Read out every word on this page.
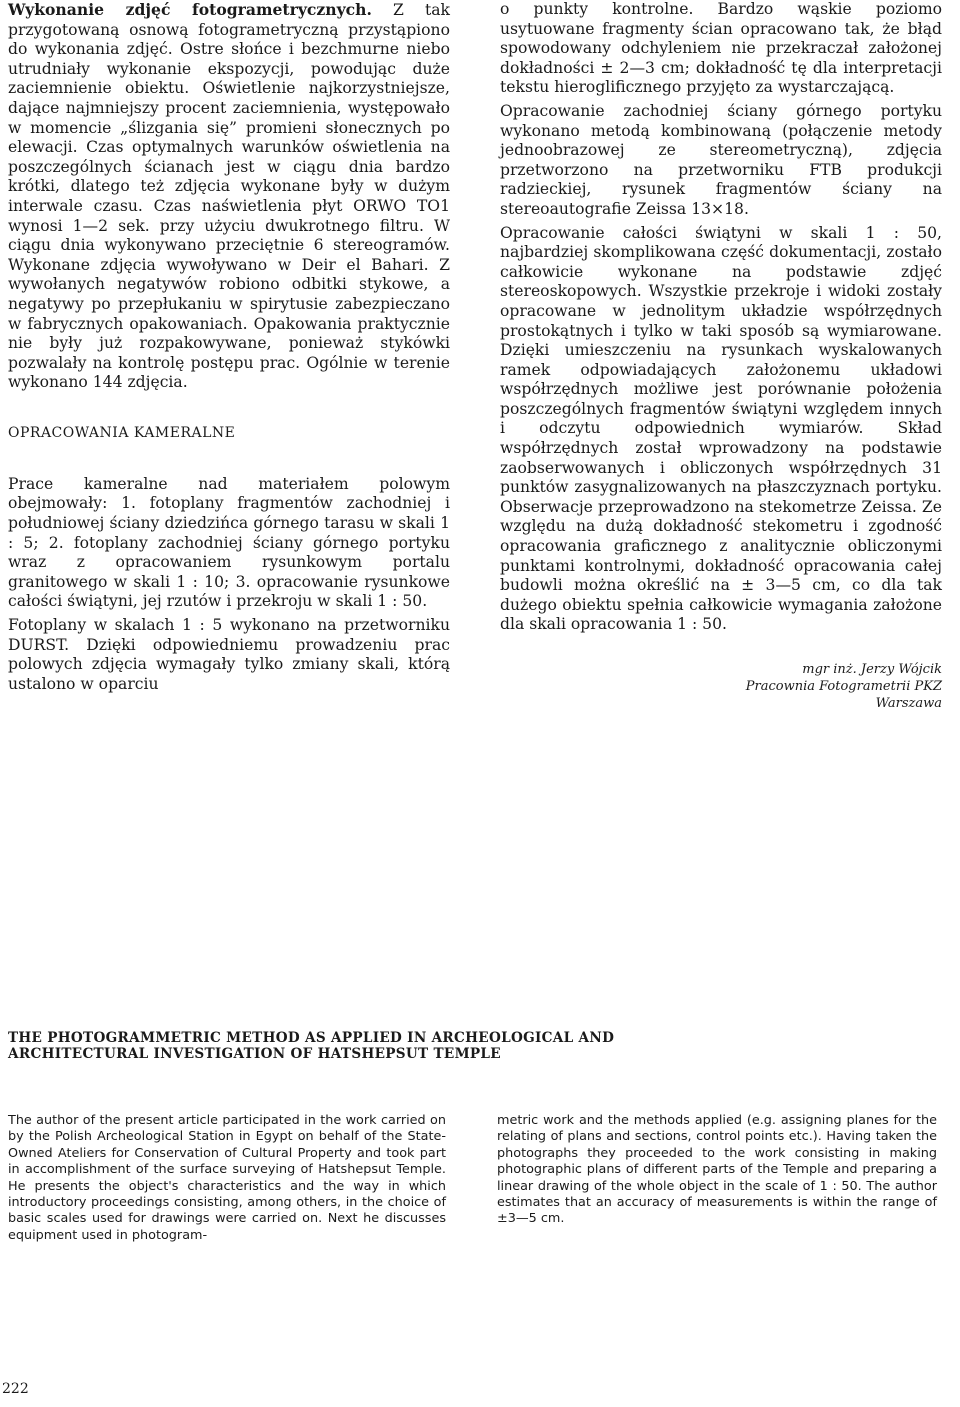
Wykonanie zdjęć fotogrametrycznych. Z tak przygotowaną osnową fotogrametryczną przystąpiono do wykonania zdjęć. Ostre słońce i bezchmurne niebo utrudniały wykonanie ekspozycji, powodując duże zaciemnienie obiektu. Oświetlenie najkorzystniejsze, dające najmniejszy procent zaciemnienia, występowało w momencie „ślizgania się” promieni słonecznych po elewacji. Czas optymalnych warunków oświetlenia na poszczególnych ścianach jest w ciągu dnia bardzo krótki, dlatego też zdjęcia wykonane były w dużym interwale czasu. Czas naświetlenia płyt ORWO TO1 wynosi 1—2 sek. przy użyciu dwukrotnego filtru. W ciągu dnia wykonywano przeciętnie 6 stereogramów. Wykonane zdjęcia wywoływano w Deir el Bahari. Z wywołanych negatywów robiono odbitki stykowe, a negatywy po przepłukaniu w spirytusie zabezpieczano w fabrycznych opakowaniach. Opakowania praktycznie nie były już rozpakowywane, ponieważ stykówki pozwalały na kontrolę postępu prac. Ogólnie w terenie wykonano 144 zdjęcia.

OPRACOWANIA KAMERALNE

Prace kameralne nad materiałem polowym obejmowały: 1. fotoplany fragmentów zachodniej i południowej ściany dziedzińca górnego tarasu w skali 1 : 5; 2. fotoplany zachodniej ściany górnego portyku wraz z opracowaniem rysunkowym portalu granitowego w skali 1 : 10; 3. opracowanie rysunkowe całości świątyni, jej rzutów i przekroju w skali 1 : 50.

Fotoplany w skalach 1 : 5 wykonano na przetworniku DURST. Dzięki odpowiedniemu prowadzeniu prac polowych zdjęcia wymagały tylko zmiany skali, którą ustalono w oparciu

o punkty kontrolne. Bardzo wąskie poziomo usytuowane fragmenty ścian opracowano tak, że błąd spowodowany odchyleniem nie przekraczał założonej dokładności ± 2—3 cm; dokładność tę dla interpretacji tekstu hieroglificznego przyjęto za wystarczającą.

Opracowanie zachodniej ściany górnego portyku wykonano metodą kombinowaną (połączenie metody jednoobrazowej ze stereometryczną), zdjęcia przetworzono na przetworniku FTB produkcji radzieckiej, rysunek fragmentów ściany na stereoautografie Zeissa 13×18.

Opracowanie całości świątyni w skali 1 : 50, najbardziej skomplikowana część dokumentacji, zostało całkowicie wykonane na podstawie zdjęć stereoskopowych. Wszystkie przekroje i widoki zostały opracowane w jednolitym układzie współrzędnych prostokątnych i tylko w taki sposób są wymiarowane. Dzięki umieszczeniu na rysunkach wyskalowanych ramek odpowiadających założonemu układowi współrzędnych możliwe jest porównanie położenia poszczególnych fragmentów świątyni względem innych i odczytu odpowiednich wymiarów. Skład współrzędnych został wprowadzony na podstawie zaobserwowanych i obliczonych współrzędnych 31 punktów zasygnalizowanych na płaszczyznach portyku. Obserwacje przeprowadzono na stekometrze Zeissa. Ze względu na dużą dokładność stekometru i zgodność opracowania graficznego z analitycznie obliczonymi punktami kontrolnymi, dokładność opracowania całej budowli można określić na ± 3—5 cm, co dla tak dużego obiektu spełnia całkowicie wymagania założone dla skali opracowania 1 : 50.

mgr inż. Jerzy Wójcik
Pracownia Fotogrametrii PKZ
Warszawa
THE PHOTOGRAMMETRIC METHOD AS APPLIED IN ARCHEOLOGICAL AND
ARCHITECTURAL INVESTIGATION OF HATSHEPSUT TEMPLE
The author of the present article participated in the work carried on by the Polish Archeological Station in Egypt on behalf of the State-Owned Ateliers for Conservation of Cultural Property and took part in accomplishment of the surface surveying of Hatshepsut Temple. He presents the object's characteristics and the way in which introductory proceedings consisting, among others, in the choice of basic scales used for drawings were carried on. Next he discusses equipment used in photogram-
metric work and the methods applied (e.g. assigning planes for the relating of plans and sections, control points etc.). Having taken the photographs they proceeded to the work consisting in making photographic plans of different parts of the Temple and preparing a linear drawing of the whole object in the scale of 1 : 50. The author estimates that an accuracy of measurements is within the range of ±3—5 cm.
222
